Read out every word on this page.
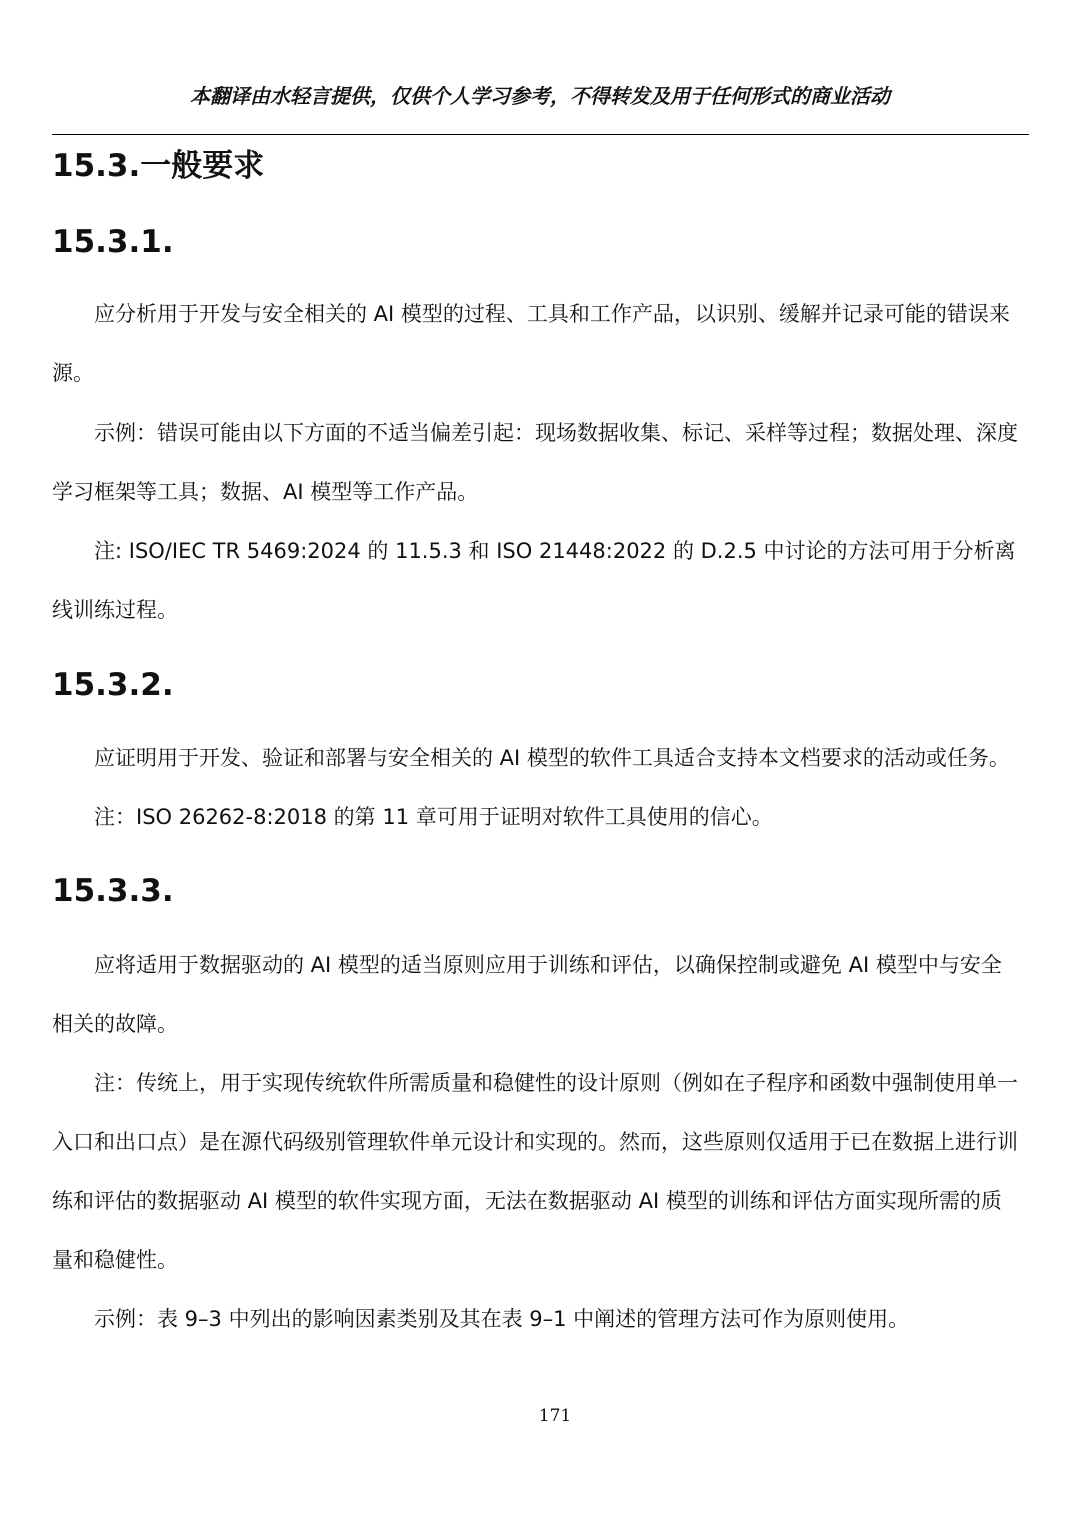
本翻译由水轻言提供，仅供个人学习参考，不得转发及用于任何形式的商业活动
15.3.一般要求
15.3.1.

应分析用于开发与安全相关的 AI 模型的过程、工具和工作产品，以识别、缓解并记录可能的错误来源。

示例：错误可能由以下方面的不适当偏差引起：现场数据收集、标记、采样等过程；数据处理、深度学习框架等工具；数据、AI 模型等工作产品。

注: ISO/IEC TR 5469:2024 的 11.5.3 和 ISO 21448:2022 的 D.2.5 中讨论的方法可用于分析离线训练过程。

15.3.2.

应证明用于开发、验证和部署与安全相关的 AI 模型的软件工具适合支持本文档要求的活动或任务。

注：ISO 26262-8:2018 的第 11 章可用于证明对软件工具使用的信心。

15.3.3.

应将适用于数据驱动的 AI 模型的适当原则应用于训练和评估，以确保控制或避免 AI 模型中与安全相关的故障。

注：传统上，用于实现传统软件所需质量和稳健性的设计原则（例如在子程序和函数中强制使用单一入口和出口点）是在源代码级别管理软件单元设计和实现的。然而，这些原则仅适用于已在数据上进行训练和评估的数据驱动 AI 模型的软件实现方面，无法在数据驱动 AI 模型的训练和评估方面实现所需的质量和稳健性。

示例：表 9–3 中列出的影响因素类别及其在表 9–1 中阐述的管理方法可作为原则使用。

171
